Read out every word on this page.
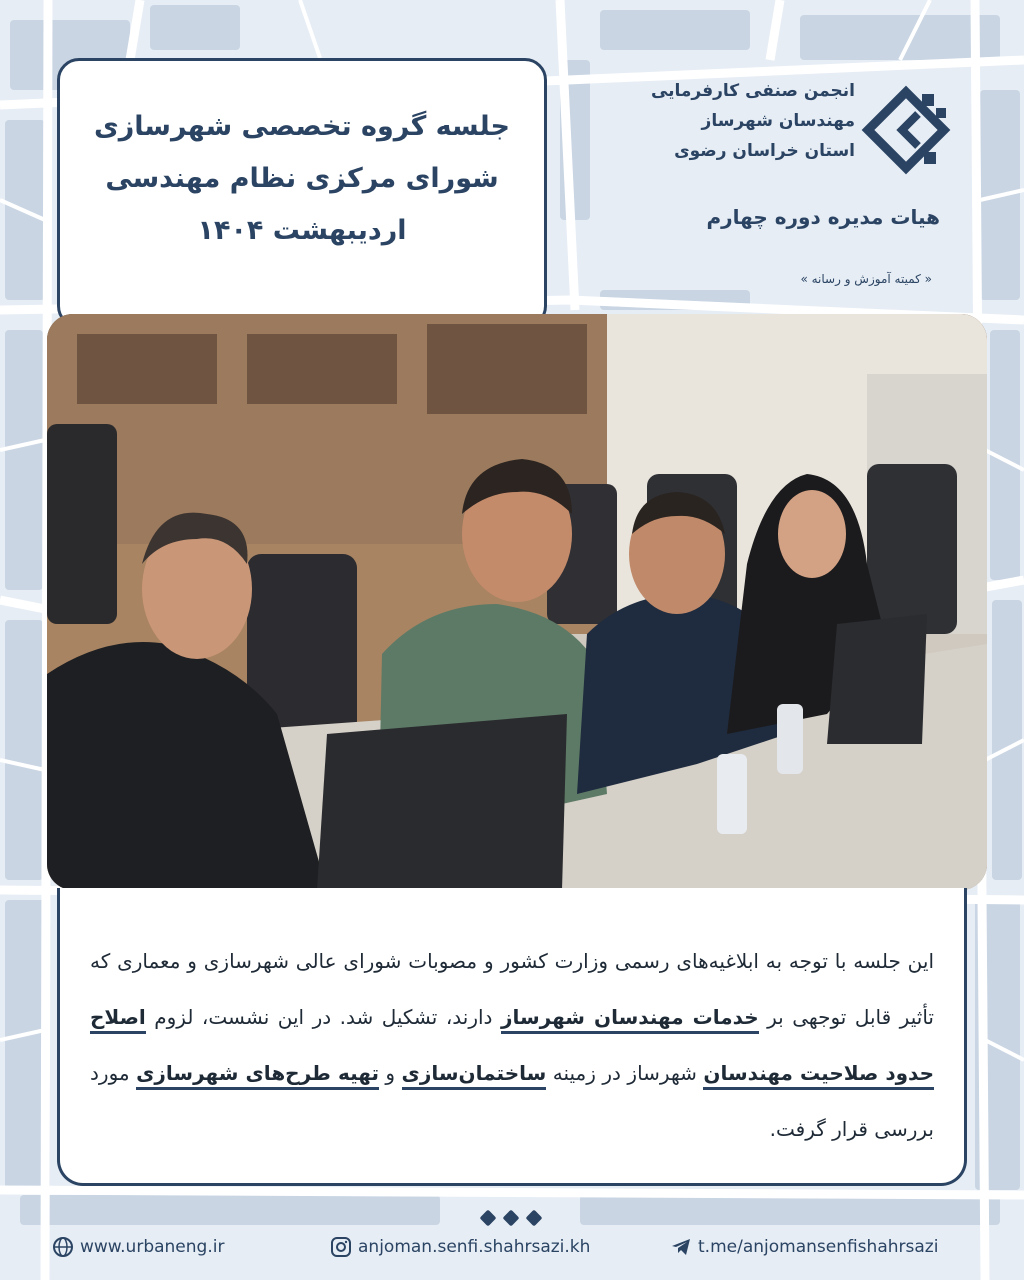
جلسه گروه تخصصی شهرسازی
شورای مرکزی نظام مهندسی
اردیبهشت ۱۴۰۴
انجمن صنفی کارفرمایی
مهندسان شهرساز
استان خراسان رضوی
هیات مدیره دوره چهارم
« کمیته آموزش و رسانه »
این جلسه با توجه به ابلاغیه‌های رسمی وزارت کشور و مصوبات شورای عالی شهرسازی و معماری که تأثیر قابل توجهی بر خدمات مهندسان شهرساز دارند، تشکیل شد. در این نشست، لزوم اصلاح حدود صلاحیت مهندسان شهرساز در زمینه ساختمان‌سازی و تهیه طرح‌های شهرسازی مورد بررسی قرار گرفت.
www.urbaneng.ir	anjoman.senfi.shahrsazi.kh	t.me/anjomansenfishahrsazi
